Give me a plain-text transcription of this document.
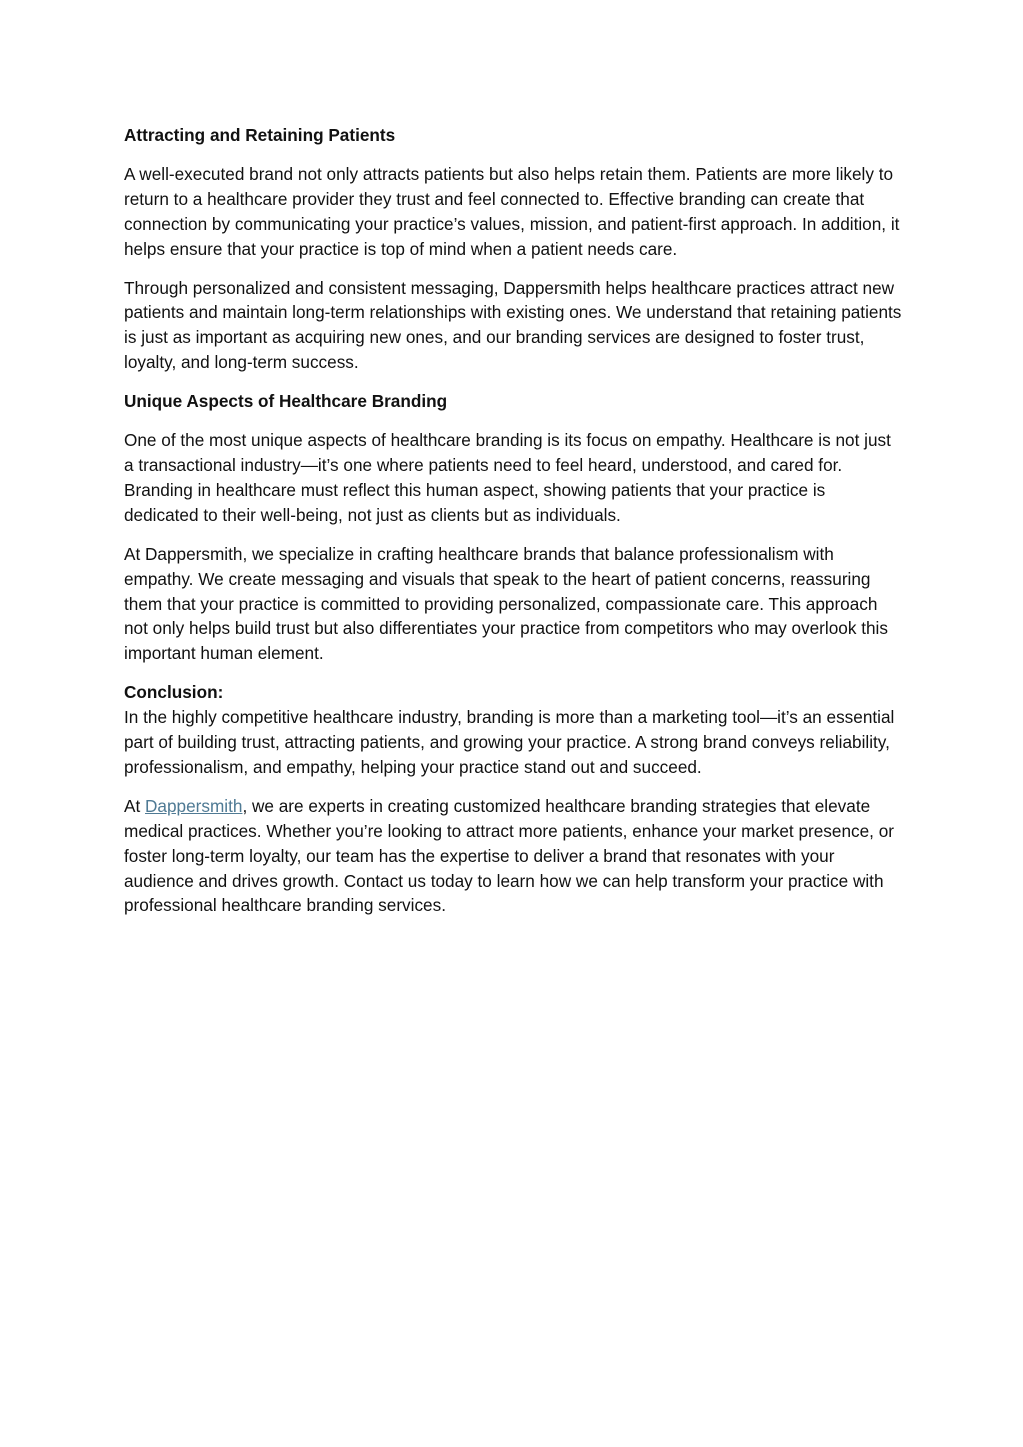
Attracting and Retaining Patients

A well-executed brand not only attracts patients but also helps retain them. Patients are more likely to return to a healthcare provider they trust and feel connected to. Effective branding can create that connection by communicating your practice’s values, mission, and patient-first approach. In addition, it helps ensure that your practice is top of mind when a patient needs care.

Through personalized and consistent messaging, Dappersmith helps healthcare practices attract new patients and maintain long-term relationships with existing ones. We understand that retaining patients is just as important as acquiring new ones, and our branding services are designed to foster trust, loyalty, and long-term success.

Unique Aspects of Healthcare Branding

One of the most unique aspects of healthcare branding is its focus on empathy. Healthcare is not just a transactional industry—it’s one where patients need to feel heard, understood, and cared for. Branding in healthcare must reflect this human aspect, showing patients that your practice is dedicated to their well-being, not just as clients but as individuals.

At Dappersmith, we specialize in crafting healthcare brands that balance professionalism with empathy. We create messaging and visuals that speak to the heart of patient concerns, reassuring them that your practice is committed to providing personalized, compassionate care. This approach not only helps build trust but also differentiates your practice from competitors who may overlook this important human element.

Conclusion:

In the highly competitive healthcare industry, branding is more than a marketing tool—it’s an essential part of building trust, attracting patients, and growing your practice. A strong brand conveys reliability, professionalism, and empathy, helping your practice stand out and succeed.

At Dappersmith, we are experts in creating customized healthcare branding strategies that elevate medical practices. Whether you’re looking to attract more patients, enhance your market presence, or foster long-term loyalty, our team has the expertise to deliver a brand that resonates with your audience and drives growth. Contact us today to learn how we can help transform your practice with professional healthcare branding services.
